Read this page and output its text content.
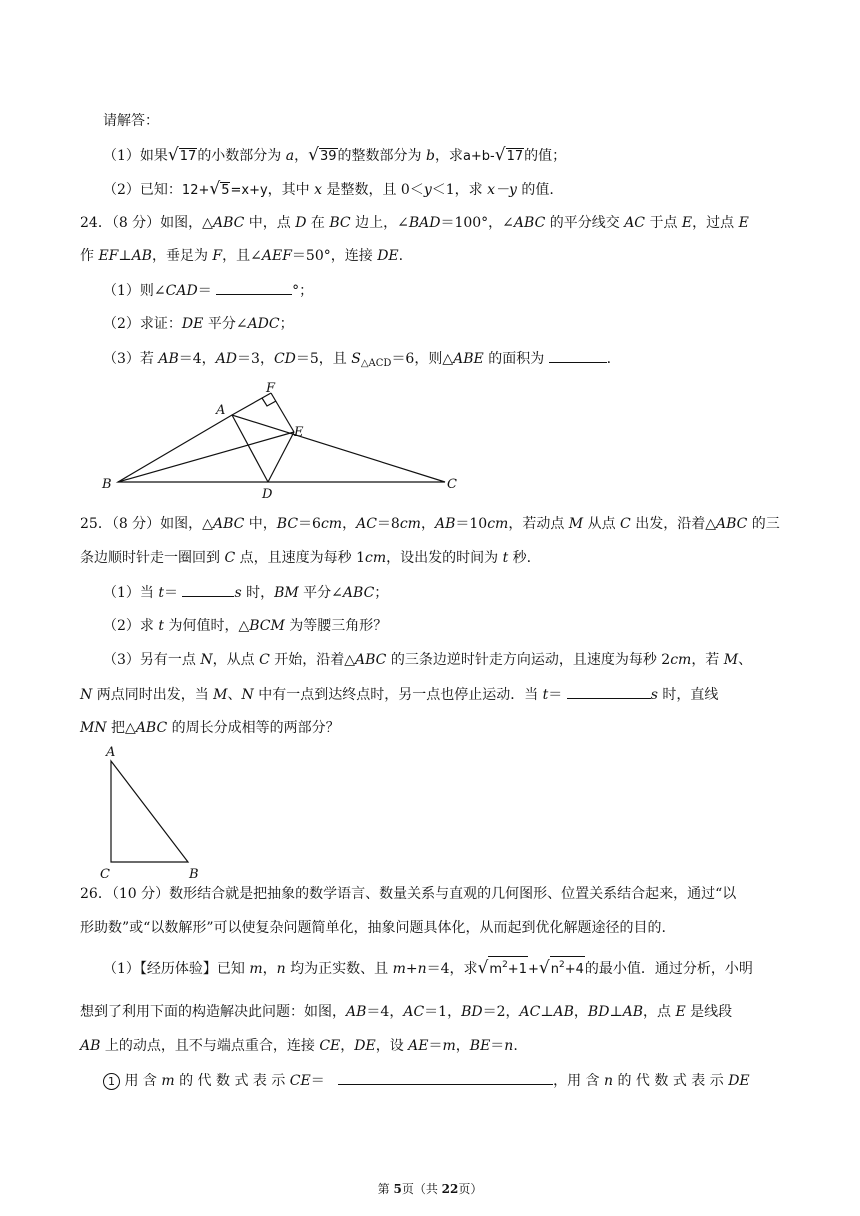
请解答：
（1）如果√17的小数部分为 a，√39的整数部分为 b，求a+b-√17的值；
（2）已知：12+√5=x+y，其中 x 是整数，且 0＜y＜1，求 x－y 的值.
24．（8 分）如图，△ABC 中，点 D 在 BC 边上，∠BAD＝100°，∠ABC 的平分线交 AC 于点 E，过点 E
作 EF⊥AB，垂足为 F，且∠AEF＝50°，连接 DE.
（1）则∠CAD＝	°；
（2）求证：DE 平分∠ADC；
（3）若 AB＝4，AD＝3，CD＝5，且 $S_{\triangle ACD}=6$，则△ABE 的面积为	.
B
A
F
E
D
C
25．（8 分）如图，△ABC 中，BC＝6cm，AC＝8cm，AB＝10cm，若动点 M 从点 C 出发，沿着△ABC 的三
条边顺时针走一圈回到 C 点，且速度为每秒 1cm，设出发的时间为 t 秒.
（1）当 t＝	s 时，BM 平分∠ABC；
（2）求 t 为何值时，△BCM 为等腰三角形？
（3）另有一点 N，从点 C 开始，沿着△ABC 的三条边逆时针走方向运动，且速度为每秒 2cm，若 M、
N 两点同时出发，当 M、N 中有一点到达终点时，另一点也停止运动．当 t＝	s 时，直线
MN 把△ABC 的周长分成相等的两部分？
A
C	B
26．（10 分）数形结合就是把抽象的数学语言、数量关系与直观的几何图形、位置关系结合起来，通过“以
形助数”或“以数解形”可以使复杂问题简单化，抽象问题具体化，从而起到优化解题途径的目的.
（1）【经历体验】已知 m，n 均为正实数、且 m+n＝4，求$√m^2+1+√n^2+4$的最小值．通过分析，小明
想到了利用下面的构造解决此问题：如图，AB＝4，AC＝1，BD＝2，AC⊥AB，BD⊥AB，点 E 是线段
AB 上的动点，且不与端点重合，连接 CE，DE，设 AE＝m，BE＝n.
1 用 含 m 的 代 数 式 表 示 CE＝	，用 含 n 的 代 数 式 表 示 DE
第 5页（共 22页）
